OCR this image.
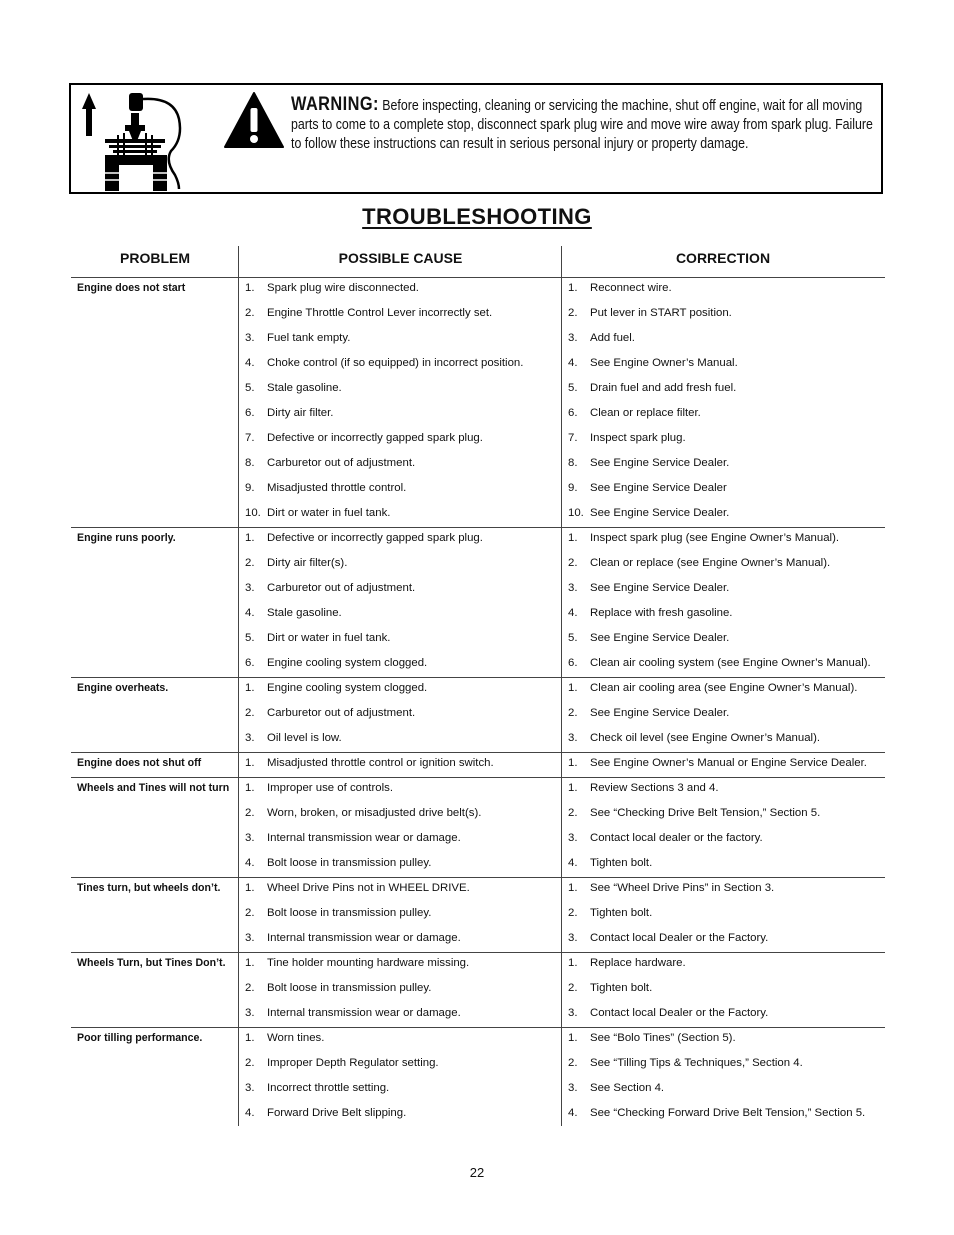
WARNING: Before inspecting, cleaning or servicing the machine, shut off engine, wait for all moving parts to come to a complete stop, disconnect spark plug wire and move wire away from spark plug. Failure to follow these instructions can result in serious personal injury or property damage.
TROUBLESHOOTING
PROBLEM	POSSIBLE CAUSE	CORRECTION
Engine does not start	1. Spark plug wire disconnected.	1. Reconnect wire.
2. Engine Throttle Control Lever incorrectly set.	2. Put lever in START position.
3. Fuel tank empty.	3. Add fuel.
4. Choke control (if so equipped) in incorrect position.	4. See Engine Owner’s Manual.
5. Stale gasoline.	5. Drain fuel and add fresh fuel.
6. Dirty air filter.	6. Clean or replace filter.
7. Defective or incorrectly gapped spark plug.	7. Inspect spark plug.
8. Carburetor out of adjustment.	8. See Engine Service Dealer.
9. Misadjusted throttle control.	9. See Engine Service Dealer
10. Dirt or water in fuel tank.	10. See Engine Service Dealer.
Engine runs poorly.	1. Defective or incorrectly gapped spark plug.	1. Inspect spark plug (see Engine Owner’s Manual).
2. Dirty air filter(s).	2. Clean or replace (see Engine Owner’s Manual).
3. Carburetor out of adjustment.	3. See Engine Service Dealer.
4. Stale gasoline.	4. Replace with fresh gasoline.
5. Dirt or water in fuel tank.	5. See Engine Service Dealer.
6. Engine cooling system clogged.	6. Clean air cooling system (see Engine Owner’s Manual).
Engine overheats.	1. Engine cooling system clogged.	1. Clean air cooling area (see Engine Owner’s Manual).
2. Carburetor out of adjustment.	2. See Engine Service Dealer.
3. Oil level is low.	3. Check oil level (see Engine Owner’s Manual).
Engine does not shut off	1. Misadjusted throttle control or ignition switch.	1. See Engine Owner’s Manual or Engine Service Dealer.
Wheels and Tines will not turn 1. Improper use of controls.	1. Review Sections 3 and 4.
2. Worn, broken, or misadjusted drive belt(s).	2. See “Checking Drive Belt Tension,” Section 5.
3. Internal transmission wear or damage.	3. Contact local dealer or the factory.
4. Bolt loose in transmission pulley.	4. Tighten bolt.
Tines turn, but wheels don’t. 1. Wheel Drive Pins not in WHEEL DRIVE.	1. See “Wheel Drive Pins” in Section 3.
2. Bolt loose in transmission pulley.	2. Tighten bolt.
3. Internal transmission wear or damage.	3. Contact local Dealer or the Factory.
Wheels Turn, but Tines Don’t. 1. Tine holder mounting hardware missing.	1. Replace hardware.
2. Bolt loose in transmission pulley.	2. Tighten bolt.
3. Internal transmission wear or damage.	3. Contact local Dealer or the Factory.
Poor tilling performance.	1. Worn tines.	1. See “Bolo Tines” (Section 5).
2. Improper Depth Regulator setting.	2. See “Tilling Tips & Techniques,” Section 4.
3. Incorrect throttle setting.	3. See Section 4.
4. Forward Drive Belt slipping.	4. See “Checking Forward Drive Belt Tension,” Section 5.
22
